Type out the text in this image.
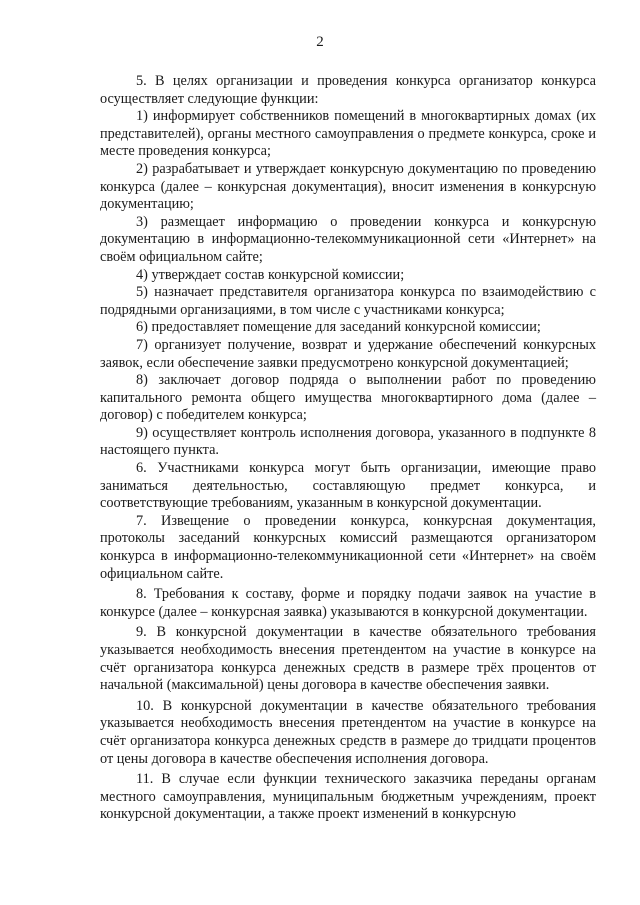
2

5. В целях организации и проведения конкурса организатор конкурса осуществляет следующие функции:

1) информирует собственников помещений в многоквартирных домах (их представителей), органы местного самоуправления о предмете конкурса, сроке и месте проведения конкурса;

2) разрабатывает и утверждает конкурсную документацию по проведению конкурса (далее – конкурсная документация), вносит изменения в конкурсную документацию;

3) размещает информацию о проведении конкурса и конкурсную документацию в информационно-телекоммуникационной сети «Интернет» на своём официальном сайте;

4) утверждает состав конкурсной комиссии;

5) назначает представителя организатора конкурса по взаимодействию с подрядными организациями, в том числе с участниками конкурса;

6) предоставляет помещение для заседаний конкурсной комиссии;

7) организует получение, возврат и удержание обеспечений конкурсных заявок, если обеспечение заявки предусмотрено конкурсной документацией;

8) заключает договор подряда о выполнении работ по проведению капитального ремонта общего имущества многоквартирного дома (далее – договор) с победителем конкурса;

9) осуществляет контроль исполнения договора, указанного в подпункте 8 настоящего пункта.

6. Участниками конкурса могут быть организации, имеющие право заниматься деятельностью, составляющую предмет конкурса, и соответствующие требованиям, указанным в конкурсной документации.

7. Извещение о проведении конкурса, конкурсная документация, протоколы заседаний конкурсных комиссий размещаются организатором конкурса в информационно-телекоммуникационной сети «Интернет» на своём официальном сайте.

8. Требования к составу, форме и порядку подачи заявок на участие в конкурсе (далее – конкурсная заявка) указываются в конкурсной документации.

9. В конкурсной документации в качестве обязательного требования указывается необходимость внесения претендентом на участие в конкурсе на счёт организатора конкурса денежных средств в размере трёх процентов от начальной (максимальной) цены договора в качестве обеспечения заявки.

10. В конкурсной документации в качестве обязательного требования указывается необходимость внесения претендентом на участие в конкурсе на счёт организатора конкурса денежных средств в размере до тридцати процентов от цены договора в качестве обеспечения исполнения договора.

11. В случае если функции технического заказчика переданы органам местного самоуправления, муниципальным бюджетным учреждениям, проект конкурсной документации, а также проект изменений в конкурсную
